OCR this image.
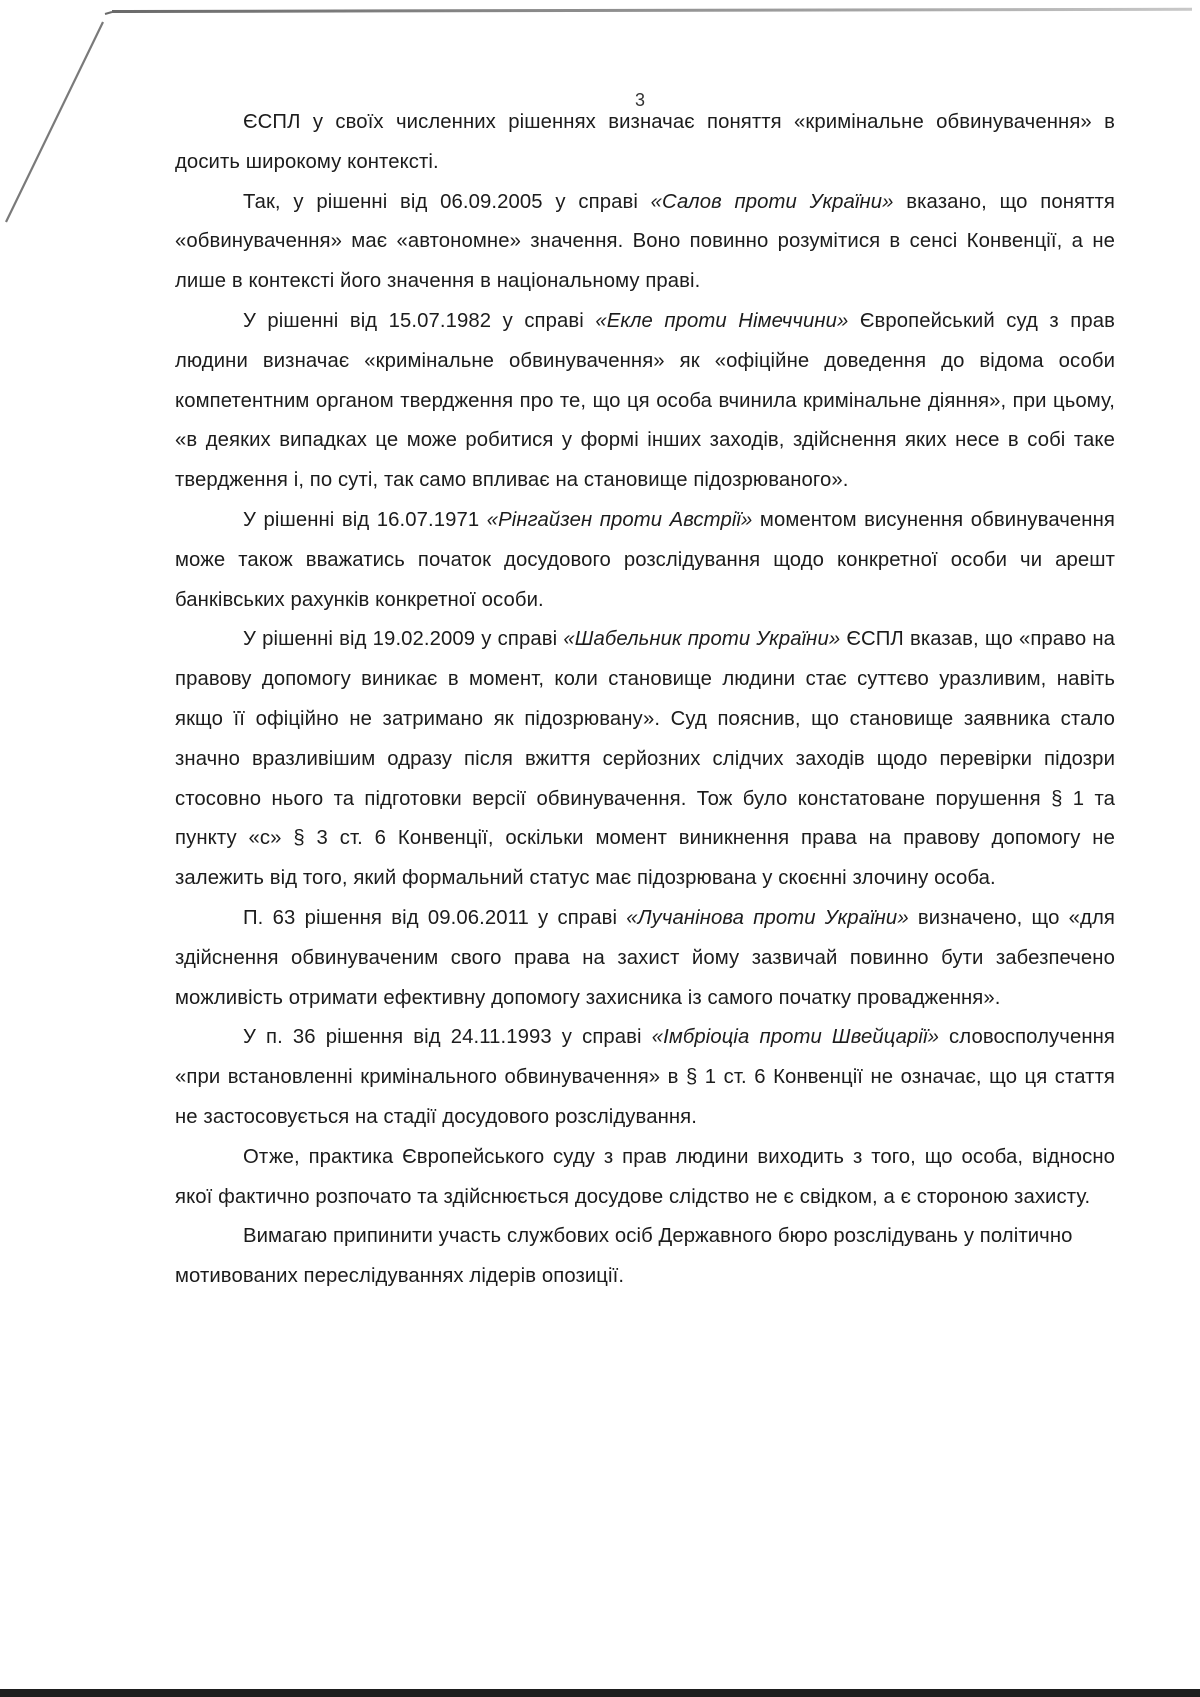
3

ЄСПЛ у своїх численних рішеннях визначає поняття «кримінальне обвинувачення» в досить широкому контексті.

Так, у рішенні від 06.09.2005 у справі «Салов проти України» вказано, що поняття «обвинувачення» має «автономне» значення. Воно повинно розумітися в сенсі Конвенції, а не лише в контексті його значення в національному праві.

У рішенні від 15.07.1982 у справі «Екле проти Німеччини» Європейський суд з прав людини визначає «кримінальне обвинувачення» як «офіційне доведення до відома особи компетентним органом твердження про те, що ця особа вчинила кримінальне діяння», при цьому, «в деяких випадках це може робитися у формі інших заходів, здійснення яких несе в собі таке твердження і, по суті, так само впливає на становище підозрюваного».

У рішенні від 16.07.1971 «Рінгайзен проти Австрії» моментом висунення обвинувачення може також вважатись початок досудового розслідування щодо конкретної особи чи арешт банківських рахунків конкретної особи.

У рішенні від 19.02.2009 у справі «Шабельник проти України» ЄСПЛ вказав, що «право на правову допомогу виникає в момент, коли становище людини стає суттєво уразливим, навіть якщо її офіційно не затримано як підозрювану». Суд пояснив, що становище заявника стало значно вразливішим одразу після вжиття серйозних слідчих заходів щодо перевірки підозри стосовно нього та підготовки версії обвинувачення. Тож було констатоване порушення § 1 та пункту «c» § 3 ст. 6 Конвенції, оскільки момент виникнення права на правову допомогу не залежить від того, який формальний статус має підозрювана у скоєнні злочину особа.

П. 63 рішення від 09.06.2011 у справі «Лучанінова проти України» визначено, що «для здійснення обвинуваченим свого права на захист йому зазвичай повинно бути забезпечено можливість отримати ефективну допомогу захисника із самого початку провадження».

У п. 36 рішення від 24.11.1993 у справі «Імбріоціа проти Швейцарії» словосполучення «при встановленні кримінального обвинувачення» в § 1 ст. 6 Конвенції не означає, що ця стаття не застосовується на стадії досудового розслідування.

Отже, практика Європейського суду з прав людини виходить з того, що особа, відносно якої фактично розпочато та здійснюється досудове слідство не є свідком, а є стороною захисту.

Вимагаю припинити участь службових осіб Державного бюро розслідувань у політично мотивованих переслідуваннях лідерів опозиції.
